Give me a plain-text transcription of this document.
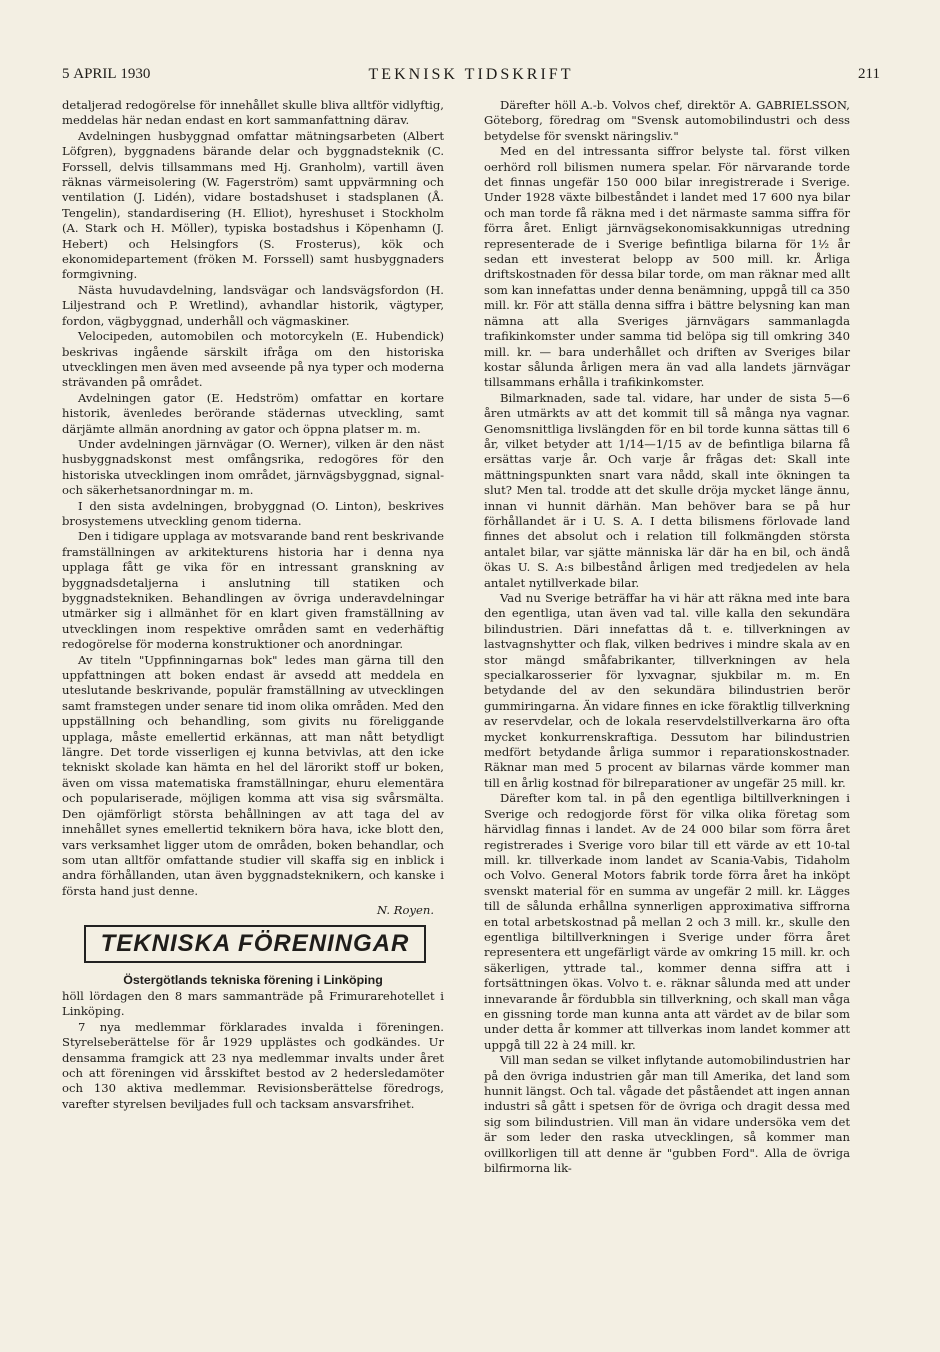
5 APRIL 1930	TEKNISK TIDSKRIFT	211

detaljerad redogörelse för innehållet skulle bliva alltför vidlyftig, meddelas här nedan endast en kort sammanfattning därav.

Avdelningen husbyggnad omfattar mätningsarbeten (Albert Löfgren), byggnadens bärande delar och byggnadsteknik (C. Forssell, delvis tillsammans med Hj. Granholm), vartill även räknas värmeisolering (W. Fagerström) samt uppvärmning och ventilation (J. Lidén), vidare bostadshuset i stadsplanen (Å. Tengelin), standardisering (H. Elliot), hyreshuset i Stockholm (A. Stark och H. Möller), typiska bostadshus i Köpenhamn (J. Hebert) och Helsingfors (S. Frosterus), kök och ekonomidepartement (fröken M. Forssell) samt husbyggnaders formgivning.

Nästa huvudavdelning, landsvägar och landsvägsfordon (H. Liljestrand och P. Wretlind), avhandlar historik, vägtyper, fordon, vägbyggnad, underhåll och vägmaskiner.

Velocipeden, automobilen och motorcykeln (E. Hubendick) beskrivas ingående särskilt ifråga om den historiska utvecklingen men även med avseende på nya typer och moderna strävanden på området.

Avdelningen gator (E. Hedström) omfattar en kortare historik, ävenledes berörande städernas utveckling, samt därjämte allmän anordning av gator och öppna platser m. m.

Under avdelningen järnvägar (O. Werner), vilken är den näst husbyggnadskonst mest omfångsrika, redogöres för den historiska utvecklingen inom området, järnvägsbyggnad, signal- och säkerhetsanordningar m. m.

I den sista avdelningen, brobyggnad (O. Linton), beskrives brosystemens utveckling genom tiderna.

Den i tidigare upplaga av motsvarande band rent beskrivande framställningen av arkitekturens historia har i denna nya upplaga fått ge vika för en intressant granskning av byggnadsdetaljerna i anslutning till statiken och byggnadstekniken. Behandlingen av övriga underavdelningar utmärker sig i allmänhet för en klart given framställning av utvecklingen inom respektive områden samt en vederhäftig redogörelse för moderna konstruktioner och anordningar.

Av titeln "Uppfinningarnas bok" ledes man gärna till den uppfattningen att boken endast är avsedd att meddela en uteslutande beskrivande, populär framställning av utvecklingen samt framstegen under senare tid inom olika områden. Med den uppställning och behandling, som givits nu föreliggande upplaga, måste emellertid erkännas, att man nått betydligt längre. Det torde visserligen ej kunna betvivlas, att den icke tekniskt skolade kan hämta en hel del lärorikt stoff ur boken, även om vissa matematiska framställningar, ehuru elementära och populariserade, möjligen komma att visa sig svårsmälta. Den ojämförligt största behållningen av att taga del av innehållet synes emellertid teknikern böra hava, icke blott den, vars verksamhet ligger utom de områden, boken behandlar, och som utan alltför omfattande studier vill skaffa sig en inblick i andra förhållanden, utan även byggnadsteknikern, och kanske i första hand just denne.

N. Royen.
TEKNISKA FÖRENINGAR
Östergötlands tekniska förening i Linköping

höll lördagen den 8 mars sammanträde på Frimurarehotellet i Linköping.

7 nya medlemmar förklarades invalda i föreningen. Styrelseberättelse för år 1929 upplästes och godkändes. Ur densamma framgick att 23 nya medlemmar invalts under året och att föreningen vid årsskiftet bestod av 2 hedersledamöter och 130 aktiva medlemmar. Revisionsberättelse föredrogs, varefter styrelsen beviljades full och tacksam ansvarsfrihet.

Därefter höll A.-b. Volvos chef, direktör A. GABRIELSSON, Göteborg, föredrag om "Svensk automobilindustri och dess betydelse för svenskt näringsliv."

Med en del intressanta siffror belyste tal. först vilken oerhörd roll bilismen numera spelar. För närvarande torde det finnas ungefär 150 000 bilar inregistrerade i Sverige. Under 1928 växte bilbeståndet i landet med 17 600 nya bilar och man torde få räkna med i det närmaste samma siffra för förra året. Enligt järnvägsekonomisakkunnigas utredning representerade de i Sverige befintliga bilarna för 1½ år sedan ett investerat belopp av 500 mill. kr. Årliga driftskostnaden för dessa bilar torde, om man räknar med allt som kan innefattas under denna benämning, uppgå till ca 350 mill. kr. För att ställa denna siffra i bättre belysning kan man nämna att alla Sveriges järnvägars sammanlagda trafikinkomster under samma tid belöpa sig till omkring 340 mill. kr. — bara underhållet och driften av Sveriges bilar kostar sålunda årligen mera än vad alla landets järnvägar tillsammans erhålla i trafikinkomster.

Bilmarknaden, sade tal. vidare, har under de sista 5—6 åren utmärkts av att det kommit till så många nya vagnar. Genomsnittliga livslängden för en bil torde kunna sättas till 6 år, vilket betyder att 1/14—1/15 av de befintliga bilarna få ersättas varje år. Och varje år frågas det: Skall inte mättningspunkten snart vara nådd, skall inte ökningen ta slut? Men tal. trodde att det skulle dröja mycket länge ännu, innan vi hunnit därhän. Man behöver bara se på hur förhållandet är i U. S. A. I detta bilismens förlovade land finnes det absolut och i relation till folkmängden största antalet bilar, var sjätte människa lär där ha en bil, och ändå ökas U. S. A:s bilbestånd årligen med tredjedelen av hela antalet nytillverkade bilar.

Vad nu Sverige beträffar ha vi här att räkna med inte bara den egentliga, utan även vad tal. ville kalla den sekundära bilindustrien. Däri innefattas då t. e. tillverkningen av lastvagnshytter och flak, vilken bedrives i mindre skala av en stor mängd småfabrikanter, tillverkningen av hela specialkarosserier för lyxvagnar, sjukbilar m. m. En betydande del av den sekundära bilindustrien berör gummiringarna. Än vidare finnes en icke föraktlig tillverkning av reservdelar, och de lokala reservdelstillverkarna äro ofta mycket konkurrenskraftiga. Dessutom har bilindustrien medfört betydande årliga summor i reparationskostnader. Räknar man med 5 procent av bilarnas värde kommer man till en årlig kostnad för bilreparationer av ungefär 25 mill. kr.

Därefter kom tal. in på den egentliga biltillverkningen i Sverige och redogjorde först för vilka olika företag som härvidlag finnas i landet. Av de 24 000 bilar som förra året registrerades i Sverige voro bilar till ett värde av ett 10-tal mill. kr. tillverkade inom landet av Scania-Vabis, Tidaholm och Volvo. General Motors fabrik torde förra året ha inköpt svenskt material för en summa av ungefär 2 mill. kr. Lägges till de sålunda erhållna synnerligen approximativa siffrorna en total arbetskostnad på mellan 2 och 3 mill. kr., skulle den egentliga biltillverkningen i Sverige under förra året representera ett ungefärligt värde av omkring 15 mill. kr. och säkerligen, yttrade tal., kommer denna siffra att i fortsättningen ökas. Volvo t. e. räknar sålunda med att under innevarande år fördubbla sin tillverkning, och skall man våga en gissning torde man kunna anta att värdet av de bilar som under detta år kommer att tillverkas inom landet kommer att uppgå till 22 à 24 mill. kr.

Vill man sedan se vilket inflytande automobilindustrien har på den övriga industrien går man till Amerika, det land som hunnit längst. Och tal. vågade det påståendet att ingen annan industri så gått i spetsen för de övriga och dragit dessa med sig som bilindustrien. Vill man än vidare undersöka vem det är som leder den raska utvecklingen, så kommer man ovillkorligen till att denne är "gubben Ford". Alla de övriga bilfirmorna lik-
